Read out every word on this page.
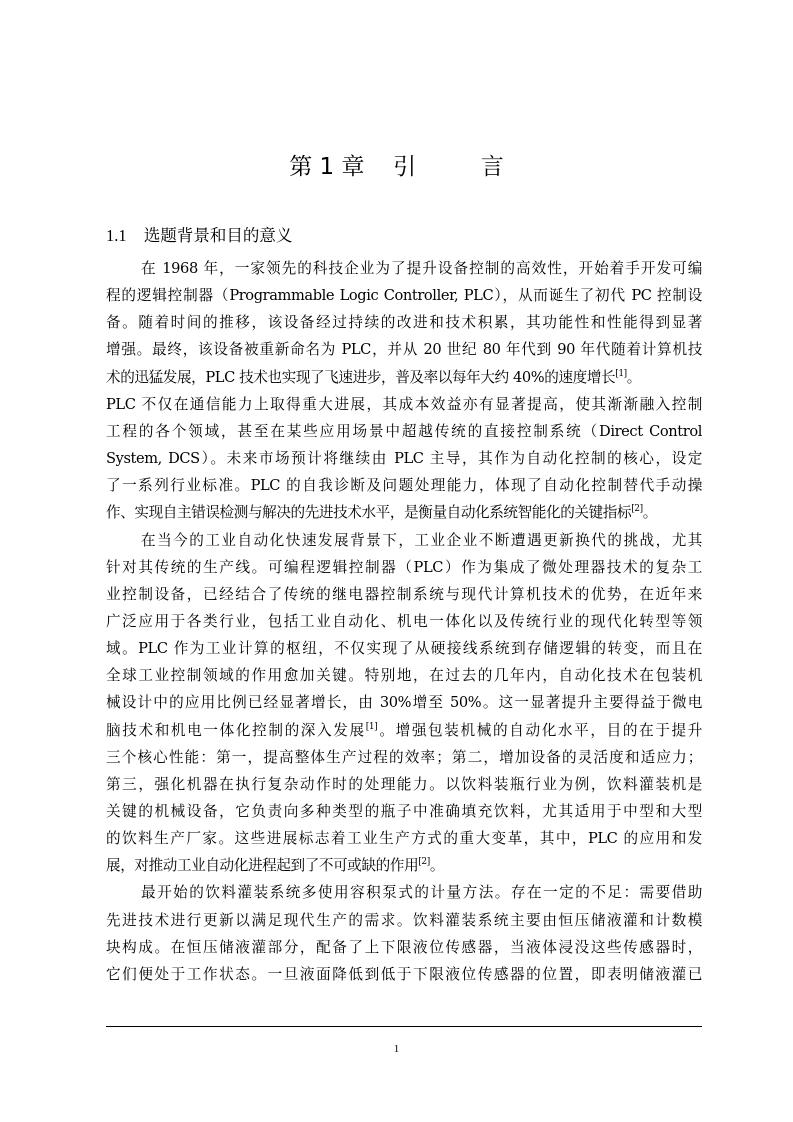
第 1 章 引	言
1.1 选题背景和目的意义
在 1968 年，一家领先的科技企业为了提升设备控制的高效性，开始着手开发可编
程的逻辑控制器（Programmable Logic Controller, PLC），从而诞生了初代 PC 控制设
备。随着时间的推移，该设备经过持续的改进和技术积累，其功能性和性能得到显著
增强。最终，该设备被重新命名为 PLC，并从 20 世纪 80 年代到 90 年代随着计算机技
术的迅猛发展，PLC 技术也实现了飞速进步，普及率以每年大约 40%的速度增长[1]。
PLC 不仅在通信能力上取得重大进展，其成本效益亦有显著提高，使其渐渐融入控制
工程的各个领域，甚至在某些应用场景中超越传统的直接控制系统（Direct Control
System, DCS）。未来市场预计将继续由 PLC 主导，其作为自动化控制的核心，设定
了一系列行业标准。PLC 的自我诊断及问题处理能力，体现了自动化控制替代手动操
作、实现自主错误检测与解决的先进技术水平，是衡量自动化系统智能化的关键指标[2]。
在当今的工业自动化快速发展背景下，工业企业不断遭遇更新换代的挑战，尤其
针对其传统的生产线。可编程逻辑控制器（PLC）作为集成了微处理器技术的复杂工
业控制设备，已经结合了传统的继电器控制系统与现代计算机技术的优势，在近年来
广泛应用于各类行业，包括工业自动化、机电一体化以及传统行业的现代化转型等领
域。PLC 作为工业计算的枢纽，不仅实现了从硬接线系统到存储逻辑的转变，而且在
全球工业控制领域的作用愈加关键。特别地，在过去的几年内，自动化技术在包装机
械设计中的应用比例已经显著增长，由 30%增至 50%。这一显著提升主要得益于微电
脑技术和机电一体化控制的深入发展[1]。增强包装机械的自动化水平，目的在于提升
三个核心性能：第一，提高整体生产过程的效率；第二，增加设备的灵活度和适应力；
第三，强化机器在执行复杂动作时的处理能力。以饮料装瓶行业为例，饮料灌装机是
关键的机械设备，它负责向多种类型的瓶子中准确填充饮料，尤其适用于中型和大型
的饮料生产厂家。这些进展标志着工业生产方式的重大变革，其中，PLC 的应用和发
展，对推动工业自动化进程起到了不可或缺的作用[2]。
最开始的饮料灌装系统多使用容积泵式的计量方法。存在一定的不足：需要借助
先进技术进行更新以满足现代生产的需求。饮料灌装系统主要由恒压储液灌和计数模
块构成。在恒压储液灌部分，配备了上下限液位传感器，当液体浸没这些传感器时，
它们便处于工作状态。一旦液面降低到低于下限液位传感器的位置，即表明储液灌已
1
